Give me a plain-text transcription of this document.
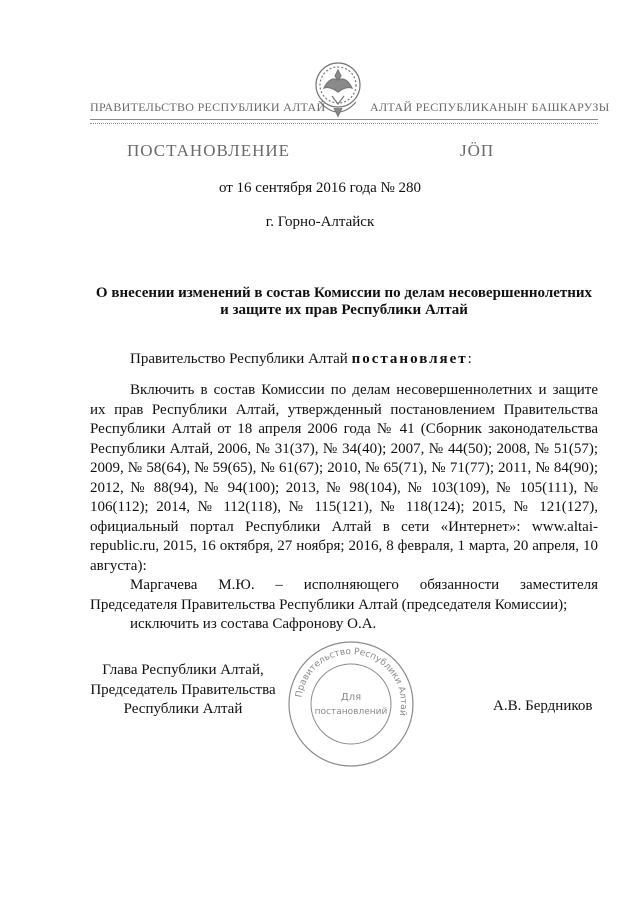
ПРАВИТЕЛЬСТВО РЕСПУБЛИКИ АЛТАЙ	АЛТАЙ РЕСПУБЛИКАНЫҤ БАШКАРУЗЫ
ПОСТАНОВЛЕНИЕ	JÖП
от 16 сентября 2016 года № 280
г. Горно-Алтайск
О внесении изменений в состав Комиссии по делам несовершеннолетних
и защите их прав Республики Алтай
Правительство Республики Алтай постановляет:

Включить в состав Комиссии по делам несовершеннолетних и защите их прав Республики Алтай, утвержденный постановлением Правительства Республики Алтай от 18 апреля 2006 года № 41 (Сборник законодательства Республики Алтай, 2006, № 31(37), № 34(40); 2007, № 44(50); 2008, № 51(57); 2009, № 58(64), № 59(65), № 61(67); 2010, № 65(71), № 71(77); 2011, № 84(90); 2012, № 88(94), № 94(100); 2013, № 98(104), № 103(109), № 105(111), № 106(112); 2014, № 112(118), № 115(121), № 118(124); 2015, № 121(127), официальный портал Республики Алтай в сети «Интернет»: www.altai-republic.ru, 2015, 16 октября, 27 ноября; 2016, 8 февраля, 1 марта, 20 апреля, 10 августа):

Маргачева М.Ю. – исполняющего обязанности заместителя Председателя Правительства Республики Алтай (председателя Комиссии);

исключить из состава Сафронову О.А.

Глава Республики Алтай,
Председатель Правительства
Республики Алтай
Правительство Республики Алтай
Для
постановлений	А.В. Бердников
